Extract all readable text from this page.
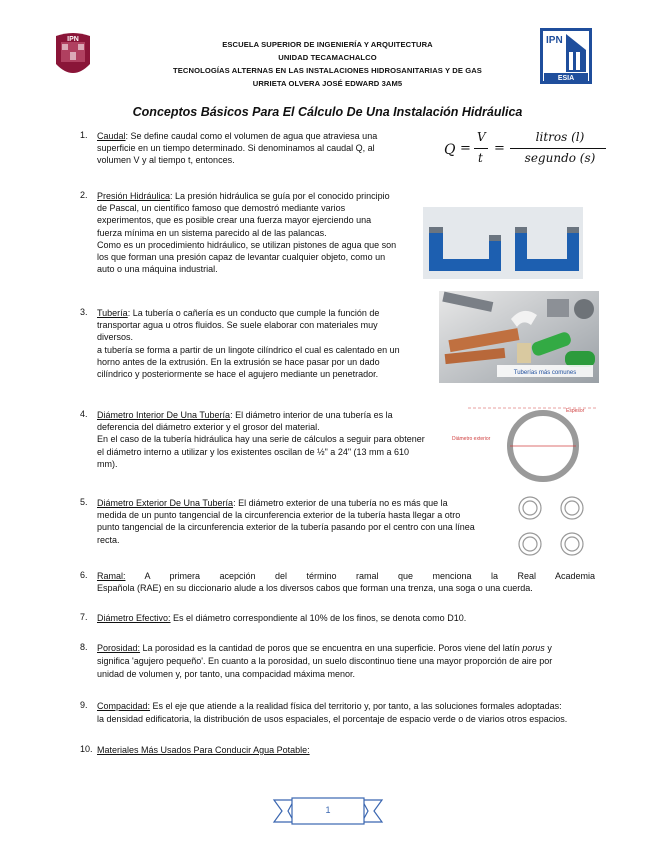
IPN	IPN
ESIA
ESCUELA SUPERIOR DE INGENIERÍA Y ARQUITECTURA
UNIDAD TECAMACHALCO
TECNOLOGÍAS ALTERNAS EN LAS INSTALACIONES HIDROSANITARIAS Y DE GAS
URRIETA OLVERA JOSÉ EDWARD 3AM5
Conceptos Básicos Para El Cálculo De Una Instalación Hidráulica
Q =
V
t
=
litros (l)
segundo (s)
1. Caudal: Se define caudal como el volumen de agua que atraviesa una
superficie en un tiempo determinado. Si denominamos al caudal Q, al
volumen V y al tiempo t, entonces.
2. Presión Hidráulica: La presión hidráulica se guía por el conocido principio
de Pascal, un científico famoso que demostró mediante varios
experimentos, que es posible crear una fuerza mayor ejerciendo una
fuerza mínima en un sistema parecido al de las palancas.
Como es un procedimiento hidráulico, se utilizan pistones de agua que son
los que forman una presión capaz de levantar cualquier objeto, como un
auto o una máquina industrial.
3. Tubería: La tubería o cañería es un conducto que cumple la función de
transportar agua u otros fluidos. Se suele elaborar con materiales muy
diversos.
a tubería se forma a partir de un lingote cilíndrico el cual es calentado en un
horno antes de la extrusión. En la extrusión se hace pasar por un dado
cilíndrico y posteriormente se hace el agujero mediante un penetrador.	Tuberías más comunes
4. Diámetro Interior De Una Tubería: El diámetro interior de una tubería es la
deferencia del diámetro exterior y el grosor del material.
En el caso de la tubería hidráulica hay una serie de cálculos a seguir para obtener
el diámetro interno a utilizar y los existentes oscilan de ½" a 24" (13 mm a 610
mm).
Diámetro exterior
Espesor
5. Diámetro Exterior De Una Tubería: El diámetro exterior de una tubería no es más que la
medida de un punto tangencial de la circunferencia exterior de la tubería hasta llegar a otro
punto tangencial de la circunferencia exterior de la tubería pasando por el centro con una línea
recta.
6. Ramal: A primera acepción del término ramal que menciona la Real Academia
Española (RAE) en su diccionario alude a los diversos cabos que forman una trenza, una soga o una cuerda.
7. Diámetro Efectivo: Es el diámetro correspondiente al 10% de los finos, se denota como D10.
8. Porosidad: La porosidad es la cantidad de poros que se encuentra en una superficie. Poros viene del latín porus y
significa 'agujero pequeño'. En cuanto a la porosidad, un suelo discontinuo tiene una mayor proporción de aire por
unidad de volumen y, por tanto, una compacidad máxima menor.
9. Compacidad: Es el eje que atiende a la realidad física del territorio y, por tanto, a las soluciones formales adoptadas:
la densidad edificatoria, la distribución de usos espaciales, el porcentaje de espacio verde o de viarios otros espacios.
10. Materiales Más Usados Para Conducir Agua Potable:
1
